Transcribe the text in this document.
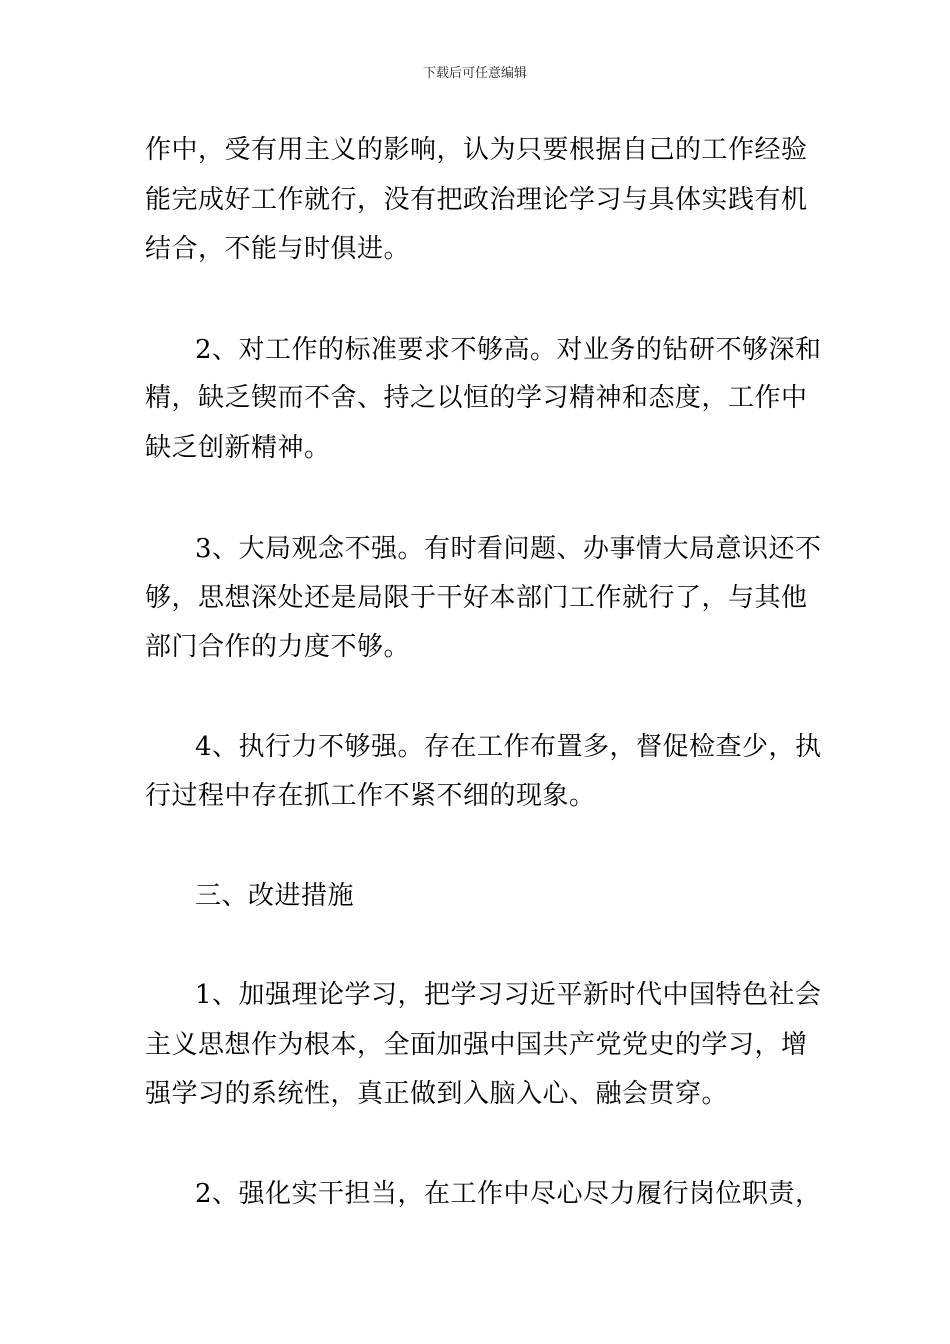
下载后可任意编辑
作中，受有用主义的影响，认为只要根据自己的工作经验
能完成好工作就行，没有把政治理论学习与具体实践有机
结合，不能与时俱进。
2、对工作的标准要求不够高。对业务的钻研不够深和
精，缺乏锲而不舍、持之以恒的学习精神和态度，工作中
缺乏创新精神。
3、大局观念不强。有时看问题、办事情大局意识还不
够，思想深处还是局限于干好本部门工作就行了，与其他
部门合作的力度不够。
4、执行力不够强。存在工作布置多，督促检查少，执
行过程中存在抓工作不紧不细的现象。
三、改进措施
1、加强理论学习，把学习习近平新时代中国特色社会
主义思想作为根本，全面加强中国共产党党史的学习，增
强学习的系统性，真正做到入脑入心、融会贯穿。
2、强化实干担当，在工作中尽心尽力履行岗位职责，
